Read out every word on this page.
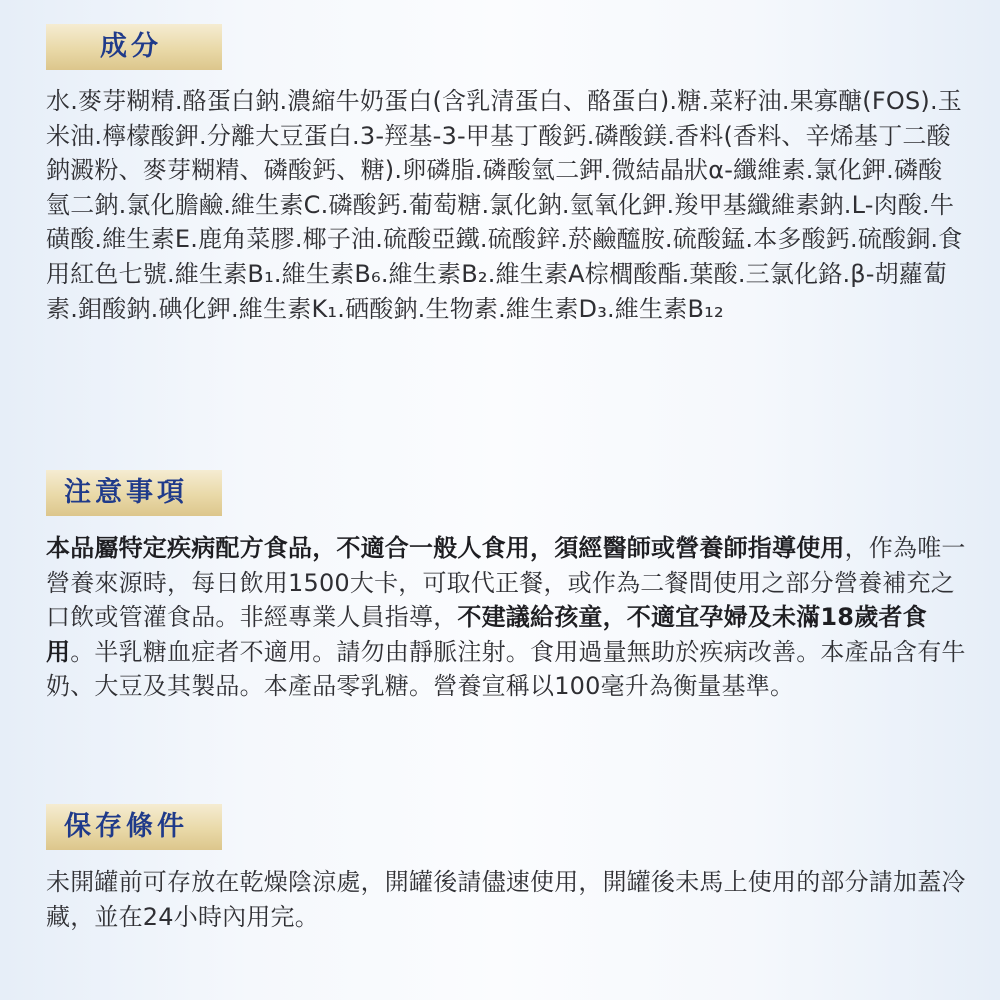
成分

水.麥芽糊精.酪蛋白鈉.濃縮牛奶蛋白(含乳清蛋白、酪蛋白).糖.菜籽油.果寡醣(FOS).玉米油.檸檬酸鉀.分離大豆蛋白.3-羥基-3-甲基丁酸鈣.磷酸鎂.香料(香料、辛烯基丁二酸鈉澱粉、麥芽糊精、磷酸鈣、糖).卵磷脂.磷酸氫二鉀.微結晶狀α-纖維素.氯化鉀.磷酸氫二鈉.氯化膽鹼.維生素C.磷酸鈣.葡萄糖.氯化鈉.氫氧化鉀.羧甲基纖維素鈉.L-肉酸.牛磺酸.維生素E.鹿角菜膠.椰子油.硫酸亞鐵.硫酸鋅.菸鹼醯胺.硫酸錳.本多酸鈣.硫酸銅.食用紅色七號.維生素B₁.維生素B₆.維生素B₂.維生素A棕櫚酸酯.葉酸.三氯化鉻.β-胡蘿蔔素.鉬酸鈉.碘化鉀.維生素K₁.硒酸鈉.生物素.維生素D₃.維生素B₁₂

注意事項

本品屬特定疾病配方食品，不適合一般人食用，須經醫師或營養師指導使用，作為唯一營養來源時，每日飲用1500大卡，可取代正餐，或作為二餐間使用之部分營養補充之口飲或管灌食品。非經專業人員指導，不建議給孩童，不適宜孕婦及未滿18歲者食用。半乳糖血症者不適用。請勿由靜脈注射。食用過量無助於疾病改善。本產品含有牛奶、大豆及其製品。本產品零乳糖。營養宣稱以100毫升為衡量基準。

保存條件

未開罐前可存放在乾燥陰涼處，開罐後請儘速使用，開罐後未馬上使用的部分請加蓋冷藏，並在24小時內用完。
